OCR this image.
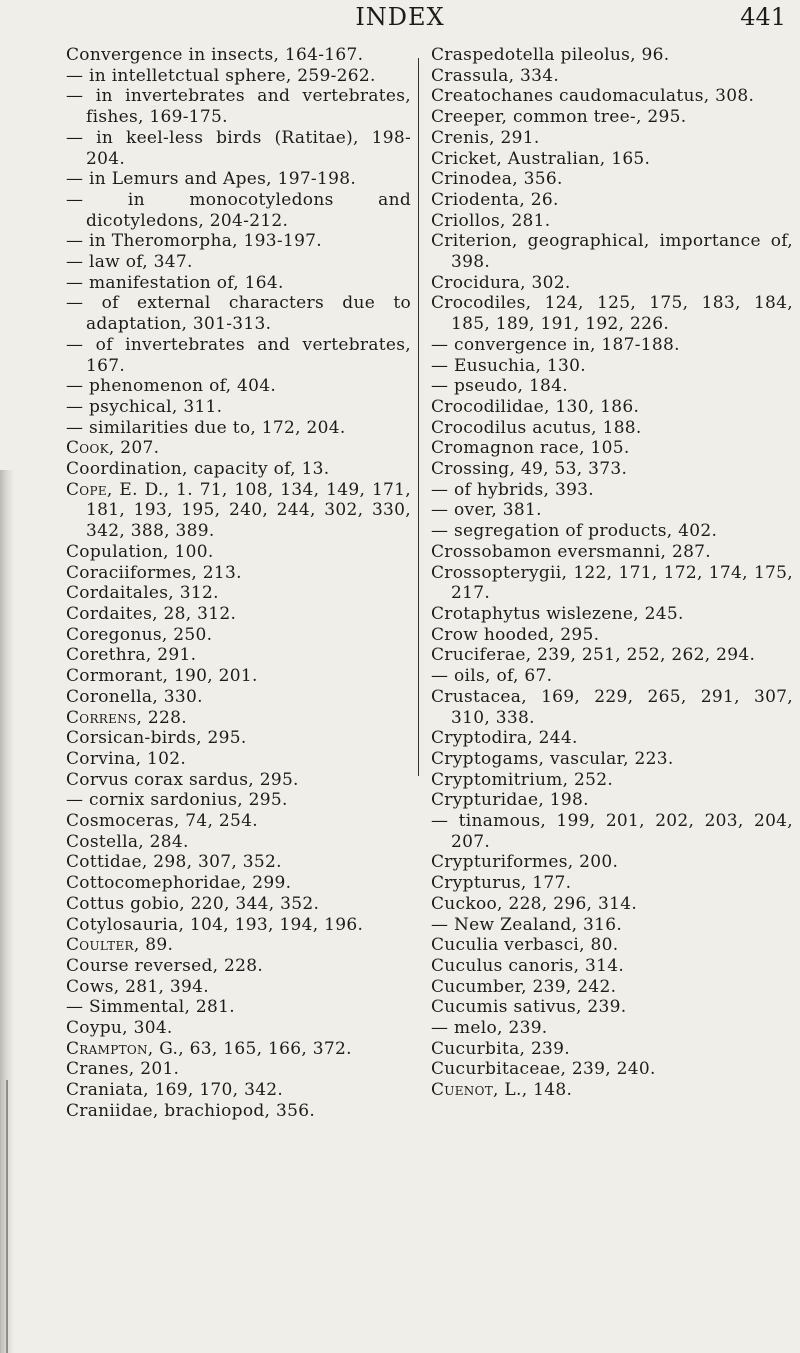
INDEX	441
Convergence in insects, 164-167.
— in intelletctual sphere, 259-262.
— in invertebrates and vertebrates, fishes, 169-175.
— in keel-less birds (Ratitae), 198-204.
— in Lemurs and Apes, 197-198.
— in monocotyledons and dicotyledons, 204-212.
— in Theromorpha, 193-197.
— law of, 347.
— manifestation of, 164.
— of external characters due to adaptation, 301-313.
— of invertebrates and vertebrates, 167.
— phenomenon of, 404.
— psychical, 311.
— similarities due to, 172, 204.
Cook, 207.
Coordination, capacity of, 13.
Cope, E. D., 1. 71, 108, 134, 149, 171, 181, 193, 195, 240, 244, 302, 330, 342, 388, 389.
Copulation, 100.
Coraciiformes, 213.
Cordaitales, 312.
Cordaites, 28, 312.
Coregonus, 250.
Corethra, 291.
Cormorant, 190, 201.
Coronella, 330.
Correns, 228.
Corsican-birds, 295.
Corvina, 102.
Corvus corax sardus, 295.
— cornix sardonius, 295.
Cosmoceras, 74, 254.
Costella, 284.
Cottidae, 298, 307, 352.
Cottocomephoridae, 299.
Cottus gobio, 220, 344, 352.
Cotylosauria, 104, 193, 194, 196.
Coulter, 89.
Course reversed, 228.
Cows, 281, 394.
— Simmental, 281.
Coypu, 304.
Crampton, G., 63, 165, 166, 372.
Cranes, 201.
Craniata, 169, 170, 342.
Craniidae, brachiopod, 356.
Craspedotella pileolus, 96.
Crassula, 334.
Creatochanes caudomaculatus, 308.
Creeper, common tree-, 295.
Crenis, 291.
Cricket, Australian, 165.
Crinodea, 356.
Criodenta, 26.
Criollos, 281.
Criterion, geographical, importance of, 398.
Crocidura, 302.
Crocodiles, 124, 125, 175, 183, 184, 185, 189, 191, 192, 226.
— convergence in, 187-188.
— Eusuchia, 130.
— pseudo, 184.
Crocodilidae, 130, 186.
Crocodilus acutus, 188.
Cromagnon race, 105.
Crossing, 49, 53, 373.
— of hybrids, 393.
— over, 381.
— segregation of products, 402.
Crossobamon eversmanni, 287.
Crossopterygii, 122, 171, 172, 174, 175, 217.
Crotaphytus wislezene, 245.
Crow hooded, 295.
Cruciferae, 239, 251, 252, 262, 294.
— oils, of, 67.
Crustacea, 169, 229, 265, 291, 307, 310, 338.
Cryptodira, 244.
Cryptogams, vascular, 223.
Cryptomitrium, 252.
Crypturidae, 198.
— tinamous, 199, 201, 202, 203, 204, 207.
Crypturiformes, 200.
Crypturus, 177.
Cuckoo, 228, 296, 314.
— New Zealand, 316.
Cuculia verbasci, 80.
Cuculus canoris, 314.
Cucumber, 239, 242.
Cucumis sativus, 239.
— melo, 239.
Cucurbita, 239.
Cucurbitaceae, 239, 240.
Cuenot, L., 148.
